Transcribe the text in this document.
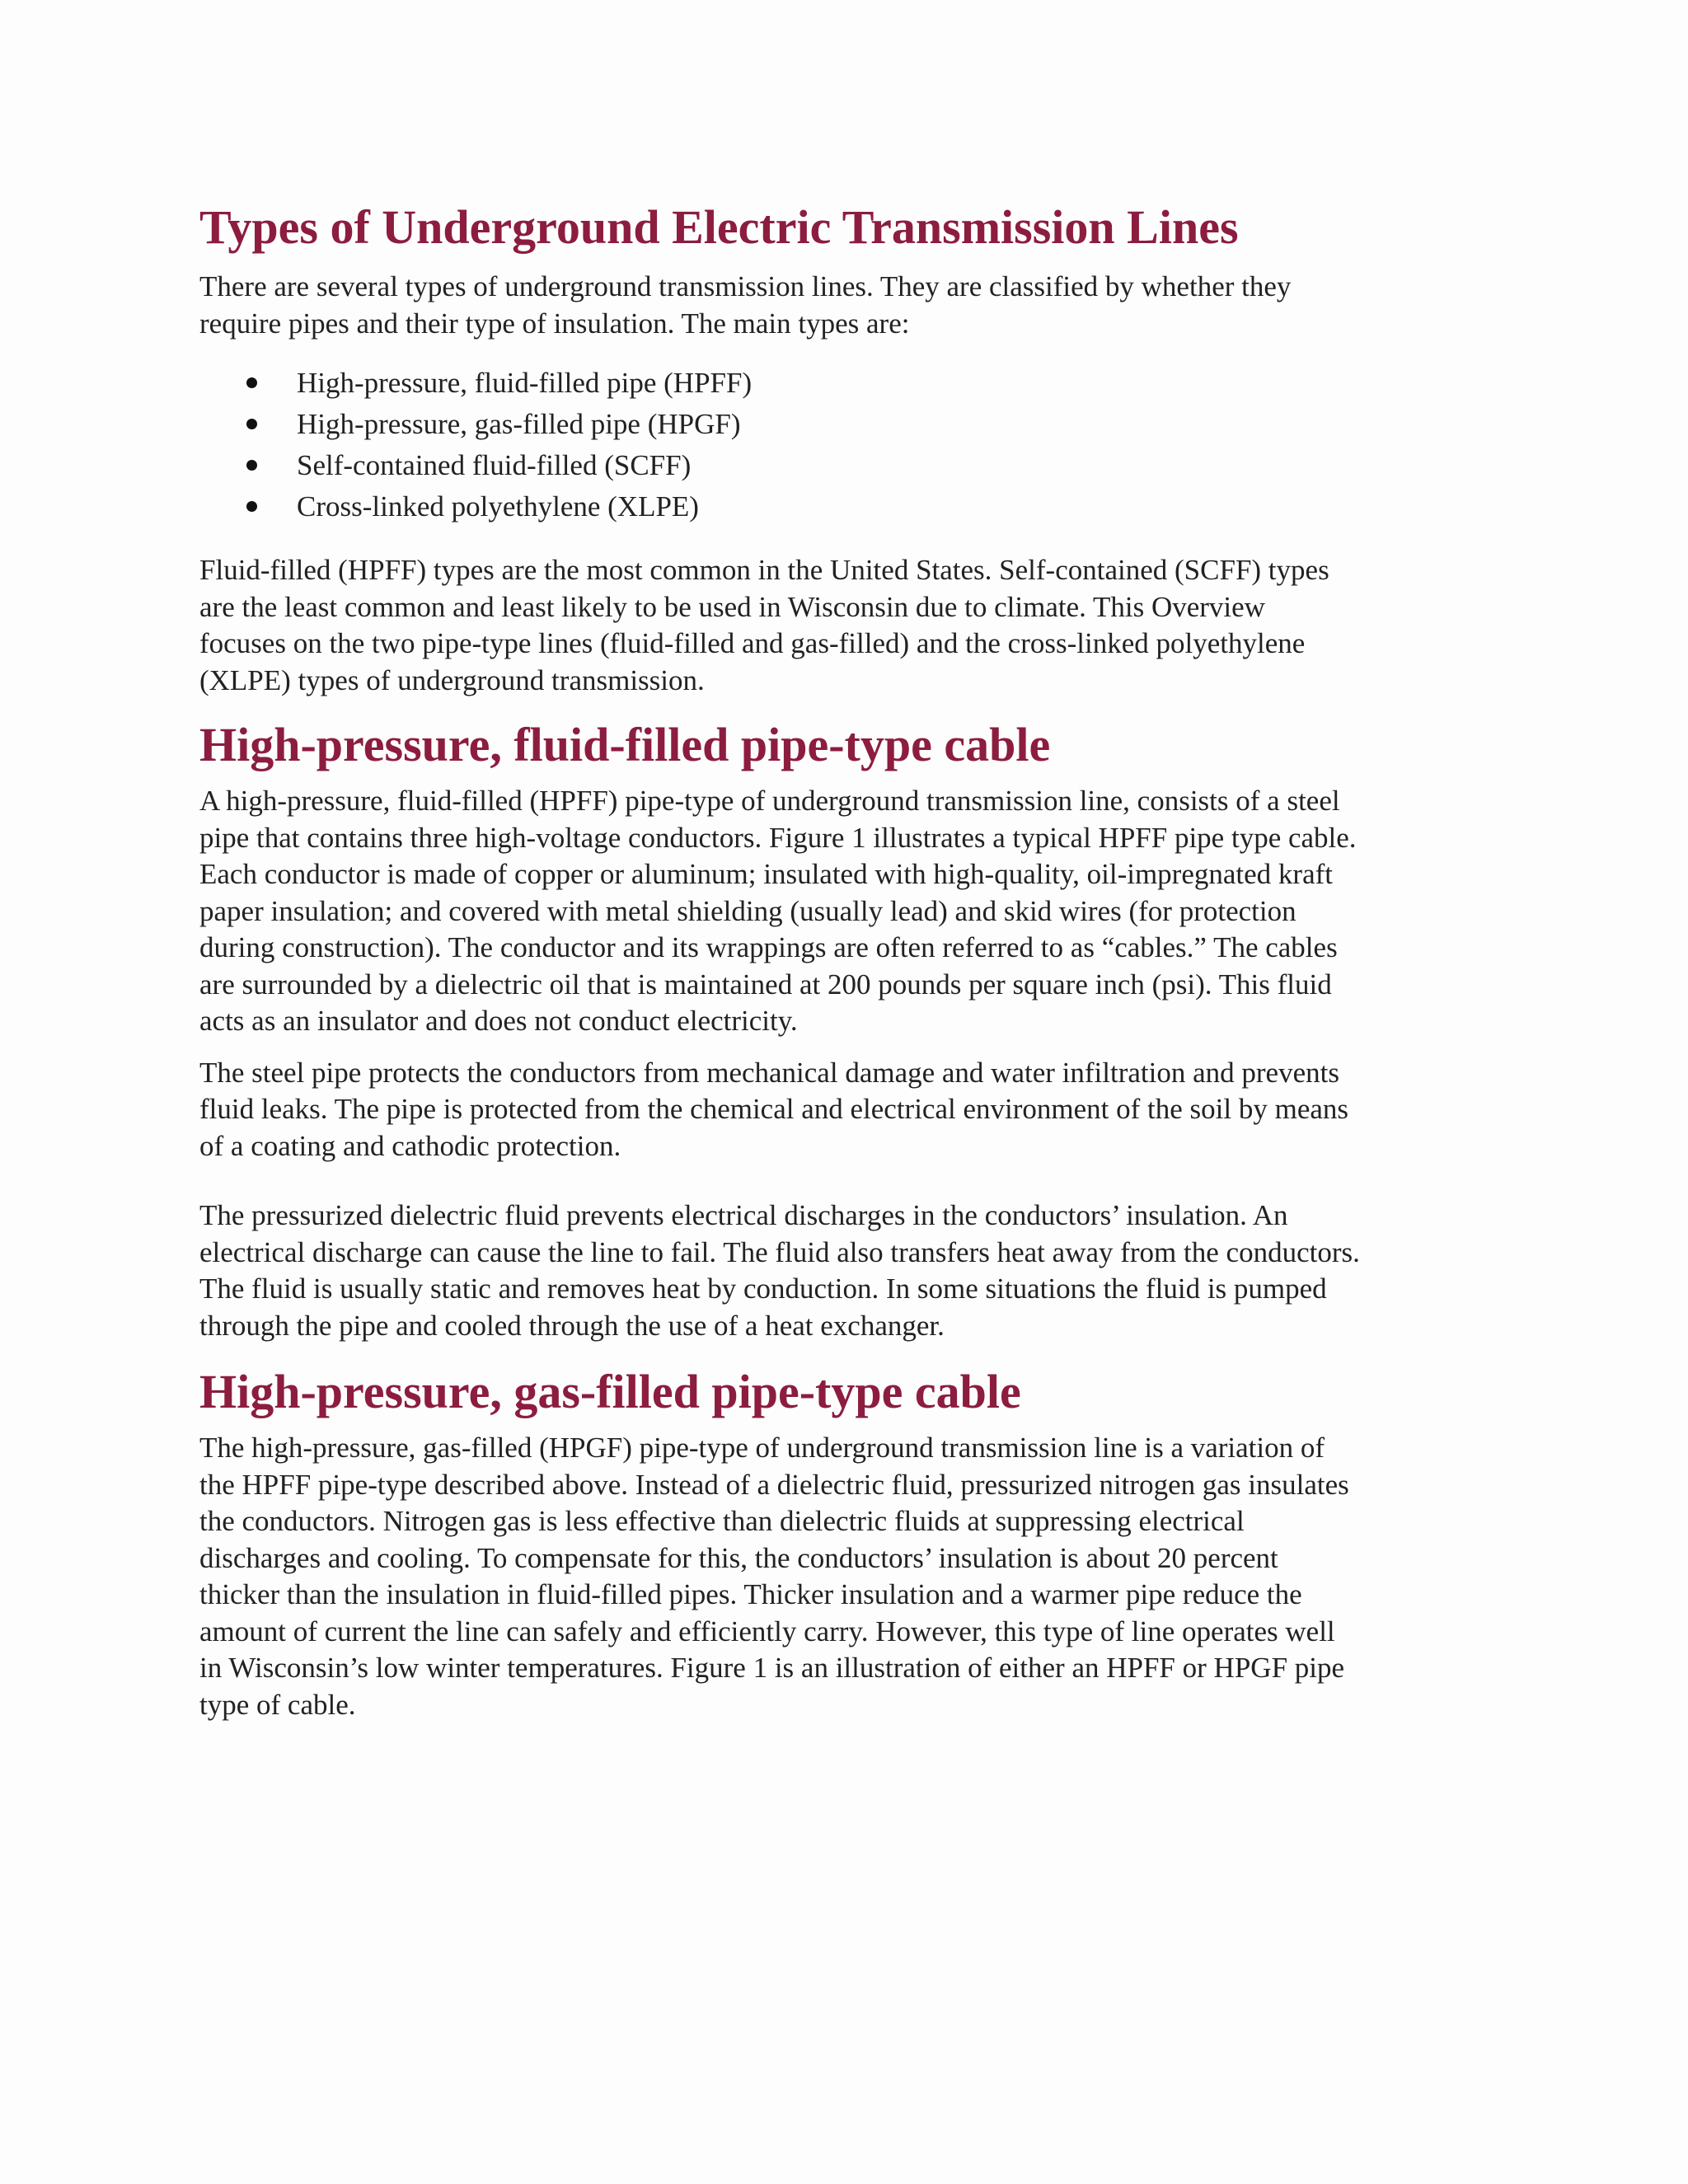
Types of Underground Electric Transmission Lines

There are several types of underground transmission lines. They are classified by whether they
require pipes and their type of insulation. The main types are:

High-pressure, fluid-filled pipe (HPFF)
High-pressure, gas-filled pipe (HPGF)
Self-contained fluid-filled (SCFF)
Cross-linked polyethylene (XLPE)

Fluid-filled (HPFF) types are the most common in the United States. Self-contained (SCFF) types
are the least common and least likely to be used in Wisconsin due to climate. This Overview
focuses on the two pipe-type lines (fluid-filled and gas-filled) and the cross-linked polyethylene
(XLPE) types of underground transmission.

High-pressure, fluid-filled pipe-type cable

A high-pressure, fluid-filled (HPFF) pipe-type of underground transmission line, consists of a steel
pipe that contains three high-voltage conductors. Figure 1 illustrates a typical HPFF pipe type cable.
Each conductor is made of copper or aluminum; insulated with high-quality, oil-impregnated kraft
paper insulation; and covered with metal shielding (usually lead) and skid wires (for protection
during construction). The conductor and its wrappings are often referred to as “cables.” The cables
are surrounded by a dielectric oil that is maintained at 200 pounds per square inch (psi). This fluid
acts as an insulator and does not conduct electricity.

The steel pipe protects the conductors from mechanical damage and water infiltration and prevents
fluid leaks. The pipe is protected from the chemical and electrical environment of the soil by means
of a coating and cathodic protection.

The pressurized dielectric fluid prevents electrical discharges in the conductors’ insulation. An
electrical discharge can cause the line to fail. The fluid also transfers heat away from the conductors.
The fluid is usually static and removes heat by conduction. In some situations the fluid is pumped
through the pipe and cooled through the use of a heat exchanger.

High-pressure, gas-filled pipe-type cable

The high-pressure, gas-filled (HPGF) pipe-type of underground transmission line is a variation of
the HPFF pipe-type described above. Instead of a dielectric fluid, pressurized nitrogen gas insulates
the conductors. Nitrogen gas is less effective than dielectric fluids at suppressing electrical
discharges and cooling. To compensate for this, the conductors’ insulation is about 20 percent
thicker than the insulation in fluid-filled pipes. Thicker insulation and a warmer pipe reduce the
amount of current the line can safely and efficiently carry. However, this type of line operates well
in Wisconsin’s low winter temperatures. Figure 1 is an illustration of either an HPFF or HPGF pipe
type of cable.
